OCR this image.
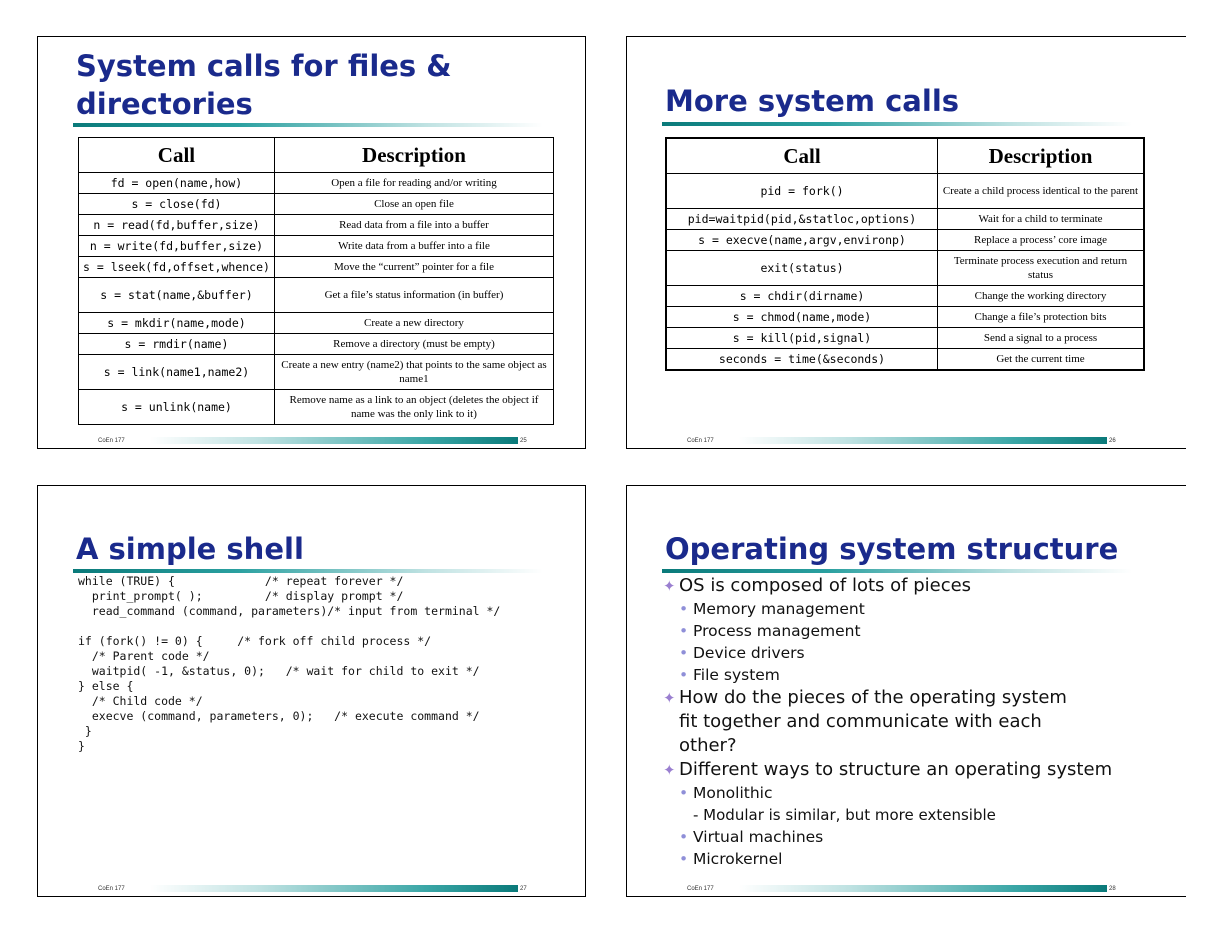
System calls for files &
directories
Call	Description
fd = open(name,how)	Open a file for reading and/or writing
s = close(fd)	Close an open file
n = read(fd,buffer,size)	Read data from a file into a buffer
n = write(fd,buffer,size)	Write data from a buffer into a file
s = lseek(fd,offset,whence)	Move the “current” pointer for a file
s = stat(name,&buffer)	Get a file’s status information (in buffer)
s = mkdir(name,mode)	Create a new directory
s = rmdir(name)	Remove a directory (must be empty)
s = link(name1,name2)	Create a new entry (name2) that points to the same object as name1
s = unlink(name)	Remove name as a link to an object (deletes the object if name was the only link to it)
CoEn 177	25
More system calls
Call	Description
pid = fork()	Create a child process identical to the parent
pid=waitpid(pid,&statloc,options)	Wait for a child to terminate
s = execve(name,argv,environp)	Replace a process’ core image
exit(status)	Terminate process execution and return status
s = chdir(dirname)	Change the working directory
s = chmod(name,mode)	Change a file’s protection bits
s = kill(pid,signal)	Send a signal to a process
seconds = time(&seconds)	Get the current time
CoEn 177	26
A simple shell
while (TRUE) {             /* repeat forever */
print_prompt( );         /* display prompt */
read_command (command, parameters)/* input from terminal */

if (fork() != 0) {     /* fork off child process */
/* Parent code */
waitpid( -1, &status, 0);   /* wait for child to exit */
} else {
/* Child code */
execve (command, parameters, 0);   /* execute command */
}
}
CoEn 177	27
Operating system structure
✦ OS is composed of lots of pieces
• Memory management
• Process management
• Device drivers
• File system
✦ How do the pieces of the operating system fit together and communicate with each other?
✦ Different ways to structure an operating system
• Monolithic
- Modular is similar, but more extensible
• Virtual machines
• Microkernel
CoEn 177	28
